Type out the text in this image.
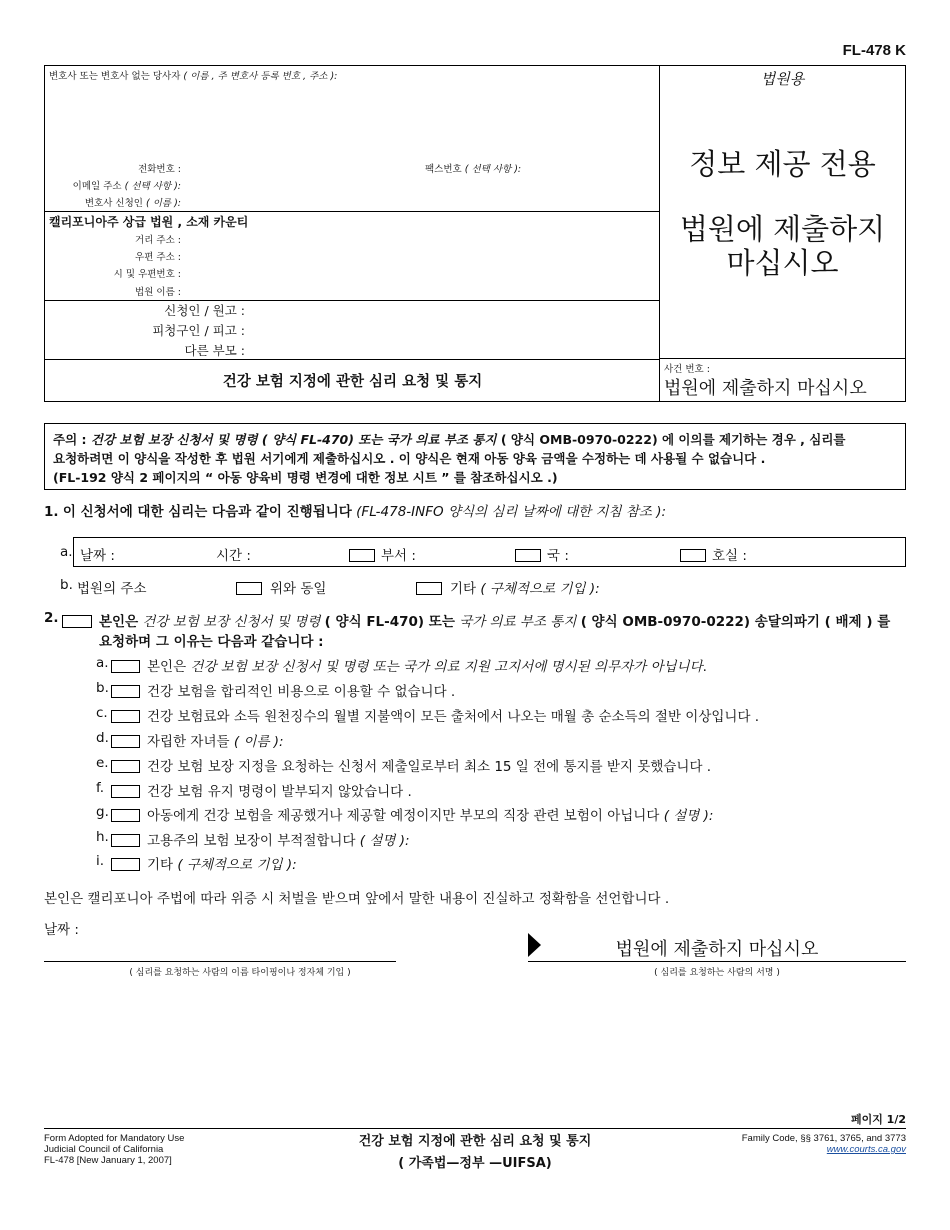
FL-478 K
변호사 또는 변호사 없는 당사자 ( 이름 , 주 변호사 등록 번호 , 주소 ):
전화번호 :	팩스번호 ( 선택 사항 ):
이메일 주소 ( 선택 사항 ):
변호사 신청인 ( 이름 ):
캘리포니아주 상급 법원 , 소재 카운티
거리 주소 :
우편 주소 :
시 및 우편번호 :
법원 이름 :
신청인 / 원고 :
피청구인 / 피고 :
다른 부모 :
건강 보험 지정에 관한 심리 요청 및 통지
법원용
정보 제공 전용
법원에 제출하지
마십시오
사건 번호 :
법원에 제출하지 마십시오
주의 : 건강 보험 보장 신청서 및 명령 ( 양식 FL-470) 또는 국가 의료 부조 통지 ( 양식 OMB-0970-0222) 에 이의를 제기하는 경우 , 심리를
요청하려면 이 양식을 작성한 후 법원 서기에게 제출하십시오 . 이 양식은 현재 아동 양육 금액을 수정하는 데 사용될 수 없습니다 .
(FL-192 양식 2 페이지의 “ 아동 양육비 명령 변경에 대한 정보 시트 ” 를 참조하십시오 .)
1. 이 신청서에 대한 심리는 다음과 같이 진행됩니다 (FL-478-INFO 양식의 심리 날짜에 대한 지침 참조 ):
a. 날짜 :	시간 :	부서 :	국 :	호실 :
b. 법원의 주소	위와 동일	기타 ( 구체적으로 기입 ):
2.	본인은 건강 보험 보장 신청서 및 명령 ( 양식 FL-470) 또는 국가 의료 부조 통지 ( 양식 OMB-0970-0222) 송달의파기 ( 배제 ) 를
요청하며 그 이유는 다음과 같습니다 :
a.	본인은 건강 보험 보장 신청서 및 명령 또는 국가 의료 지원 고지서에 명시된 의무자가 아닙니다.
b.	건강 보험을 합리적인 비용으로 이용할 수 없습니다 .
c.	건강 보험료와 소득 원천징수의 월별 지불액이 모든 출처에서 나오는 매월 총 순소득의 절반 이상입니다 .
d.	자립한 자녀들 ( 이름 ):
e.	건강 보험 보장 지정을 요청하는 신청서 제출일로부터 최소 15 일 전에 통지를 받지 못했습니다 .
f.	건강 보험 유지 명령이 발부되지 않았습니다 .
g.	아동에게 건강 보험을 제공했거나 제공할 예정이지만 부모의 직장 관련 보험이 아닙니다 ( 설명 ):
h.	고용주의 보험 보장이 부적절합니다 ( 설명 ):
i.	기타 ( 구체적으로 기입 ):
본인은 캘리포니아 주법에 따라 위증 시 처벌을 받으며 앞에서 말한 내용이 진실하고 정확함을 선언합니다 .
날짜 :
( 심리를 요청하는 사람의 이름 타이핑이나 정자체 기입 )
법원에 제출하지 마십시오
( 심리를 요청하는 사람의 서명 )
페이지 1/2
Form Adopted for Mandatory Use
Judicial Council of California
FL-478 [New January 1, 2007]
건강 보험 지정에 관한 심리 요청 및 통지
( 가족법—정부 —UIFSA)
Family Code, §§ 3761, 3765, and 3773
www.courts.ca.gov
